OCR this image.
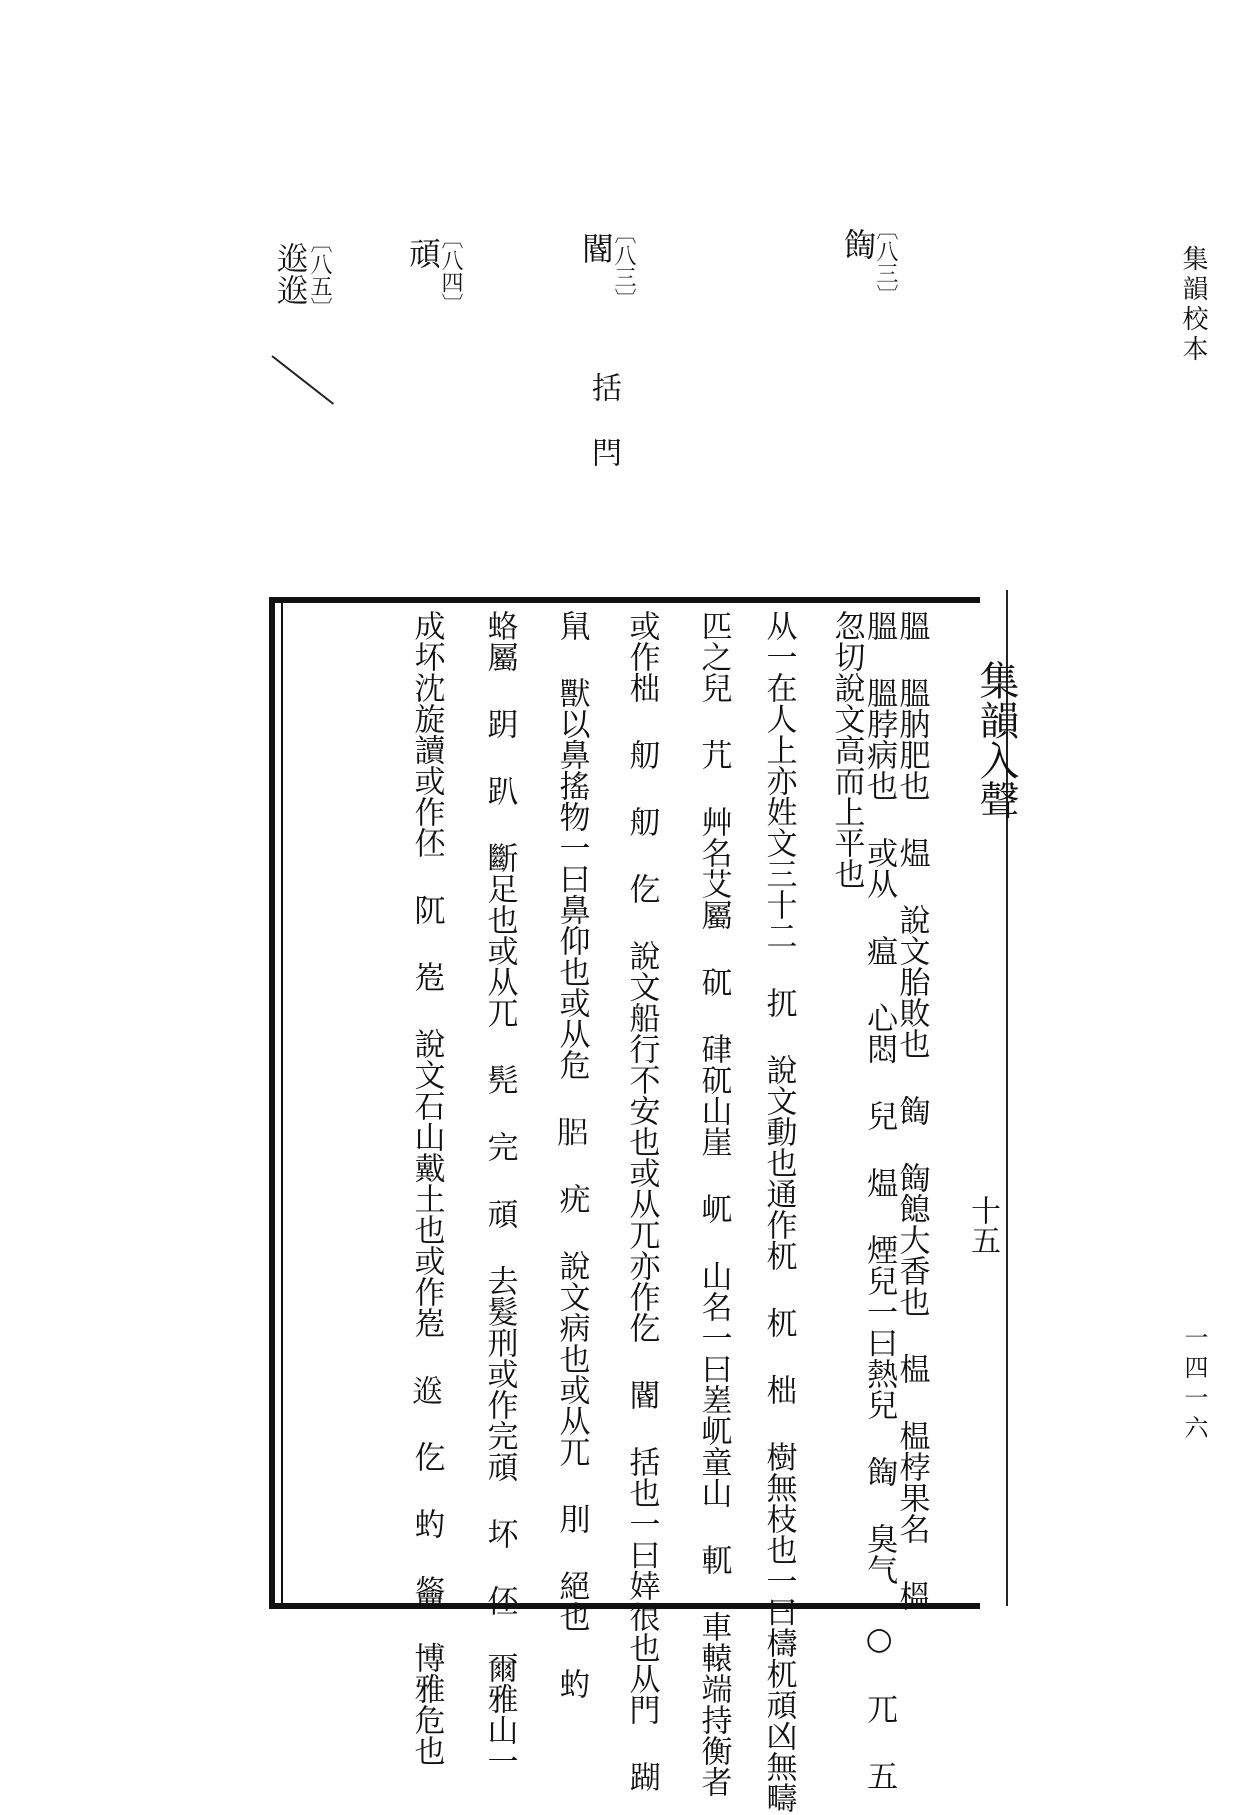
集韻校本
一四一六
〔八三〕
䭇
〔八三〕
閽
括 閂
〔八四〕
頑
〔八五〕
𨓵𨓵
集韻入聲
十五
膃 膃肭肥也 煴 說文胎敗也 䭇 䭇䭒大香也 榅 榅桲果名 榲
膃 膃脖病也 或从 瘟 心悶 兒 煴 煙兒一曰熱兒 䭇 臭气 ○ 兀 五忽切說文高而上平也
从一在人上亦姓文三十二 扤 說文動也通作杌 杌 柮 樹無枝也一曰檮杌頑凶無疇
匹之兒 芁 艸名艾屬 矹 硉矹山崖 屼 山名一曰嵳屼童山 軏 車轅端持衡者
或作柮 舠 舠 仡 說文船行不安也或从兀亦作仡 閽 括也一曰婞很也从門 䠒
䑕 獸以鼻搖物一曰鼻仰也或从危 𦛗 疣 說文病也或从兀 刖 絕也 虳
蛒屬 跀 趴 斷足也或从兀 髡 完 頑 去髮刑或作完頑 坏 伾 爾雅山一
成坏沈旋讀或作伾 阢 峞 說文石山戴土也或作峞 𨓵 仡 虳 䶴 博雅危也
